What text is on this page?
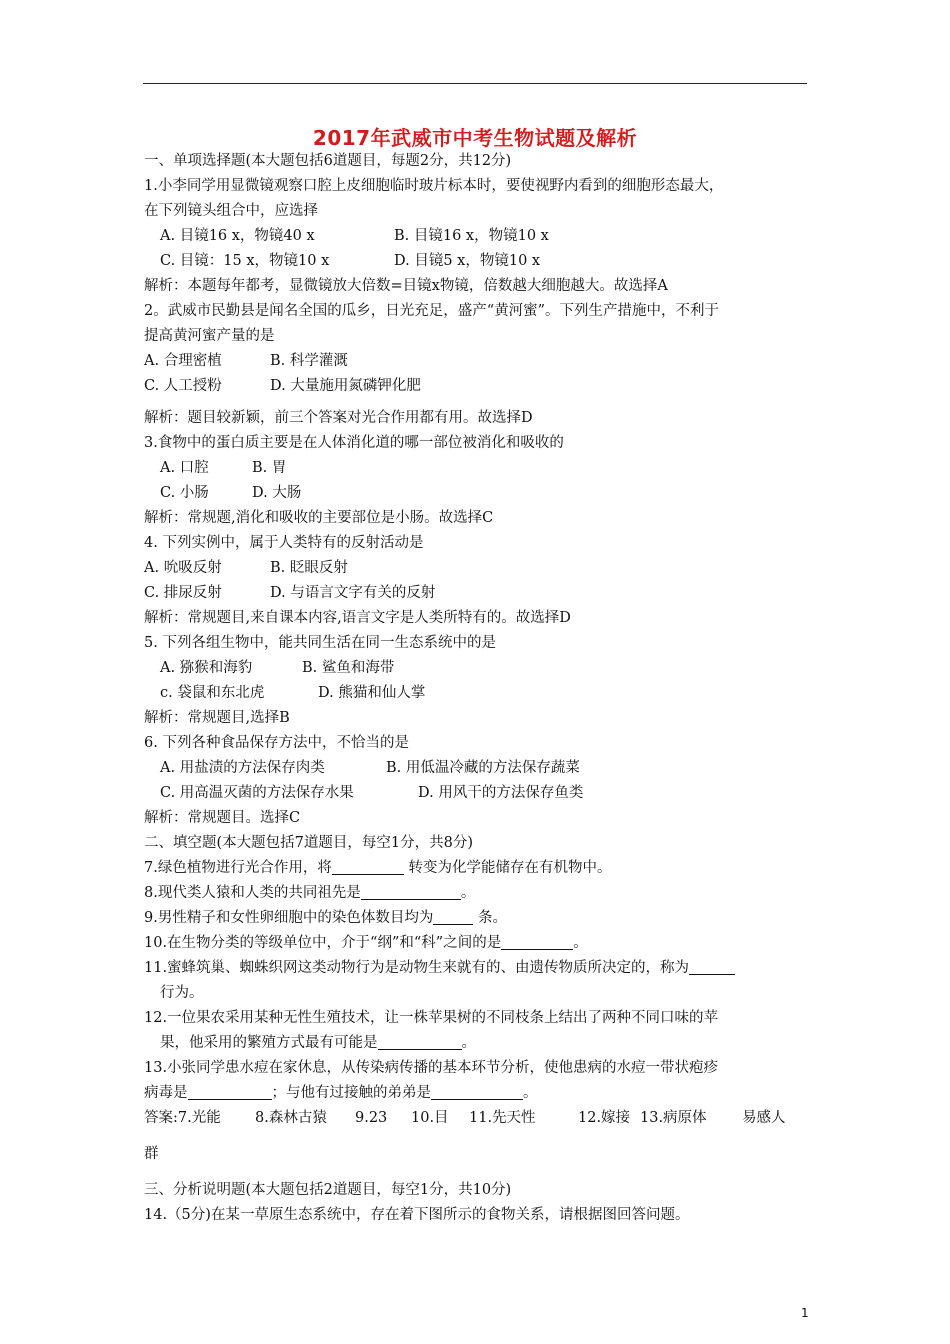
2017年武威市中考生物试题及解析
一、单项选择题(本大题包括6道题目，每题2分，共12分)
1.小李同学用显微镜观察口腔上皮细胞临时玻片标本时，要使视野内看到的细胞形态最大，
在下列镜头组合中，应选择
A. 目镜16 x，物镜40 x	B. 目镜16 x，物镜10 x
C. 目镜：15 x，物镜10 x	D. 目镜5 x，物镜10 x
解析：本题每年都考，显微镜放大倍数=目镜x物镜，倍数越大细胞越大。故选择A
2。武威市民勤县是闻名全国的瓜乡，日光充足，盛产“黄河蜜”。下列生产措施中，不利于
提高黄河蜜产量的是
A. 合理密植	B. 科学灌溉
C. 人工授粉	D. 大量施用氮磷钾化肥
解析：题目较新颖，前三个答案对光合作用都有用。故选择D
3.食物中的蛋白质主要是在人体消化道的哪一部位被消化和吸收的
A. 口腔	B. 胃
C. 小肠	D. 大肠
解析：常规题,消化和吸收的主要部位是小肠。故选择C
4. 下列实例中，属于人类特有的反射活动是
A. 吮吸反射	B. 眨眼反射
C. 排尿反射	D. 与语言文字有关的反射
解析：常规题目,来自课本内容,语言文字是人类所特有的。故选择D
5. 下列各组生物中，能共同生活在同一生态系统中的是
A. 猕猴和海豹	B. 鲨鱼和海带
c. 袋鼠和东北虎	D. 熊猫和仙人掌
解析：常规题目,选择B
6. 下列各种食品保存方法中，不恰当的是
A. 用盐渍的方法保存肉类	B. 用低温冷藏的方法保存蔬菜
C. 用高温灭菌的方法保存水果	D. 用风干的方法保存鱼类
解析：常规题目。选择C
二、填空题(本大题包括7道题目，每空1分，共8分)
7.绿色植物进行光合作用，将	转变为化学能储存在有机物中。
8.现代类人猿和人类的共同祖先是	。
9.男性精子和女性卵细胞中的染色体数目均为	条。
10.在生物分类的等级单位中，介于“纲”和“科”之间的是	。
11.蜜蜂筑巢、蜘蛛织网这类动物行为是动物生来就有的、由遗传物质所决定的，称为
行为。
12.一位果农采用某种无性生殖技术，让一株苹果树的不同枝条上结出了两种不同口味的苹
果，他采用的繁殖方式最有可能是	。
13.小张同学患水痘在家休息，从传染病传播的基本环节分析，使他患病的水痘一带状疱疹
病毒是	；与他有过接触的弟弟是	。
答案:7.光能 8.森林古猿 9.23 10.目 11.先天性	12.嫁接 13.病原体 易感人
群
三、分析说明题(本大题包括2道题目，每空1分，共10分)
14.（5分)在某一草原生态系统中，存在着下图所示的食物关系，请根据图回答问题。
1
